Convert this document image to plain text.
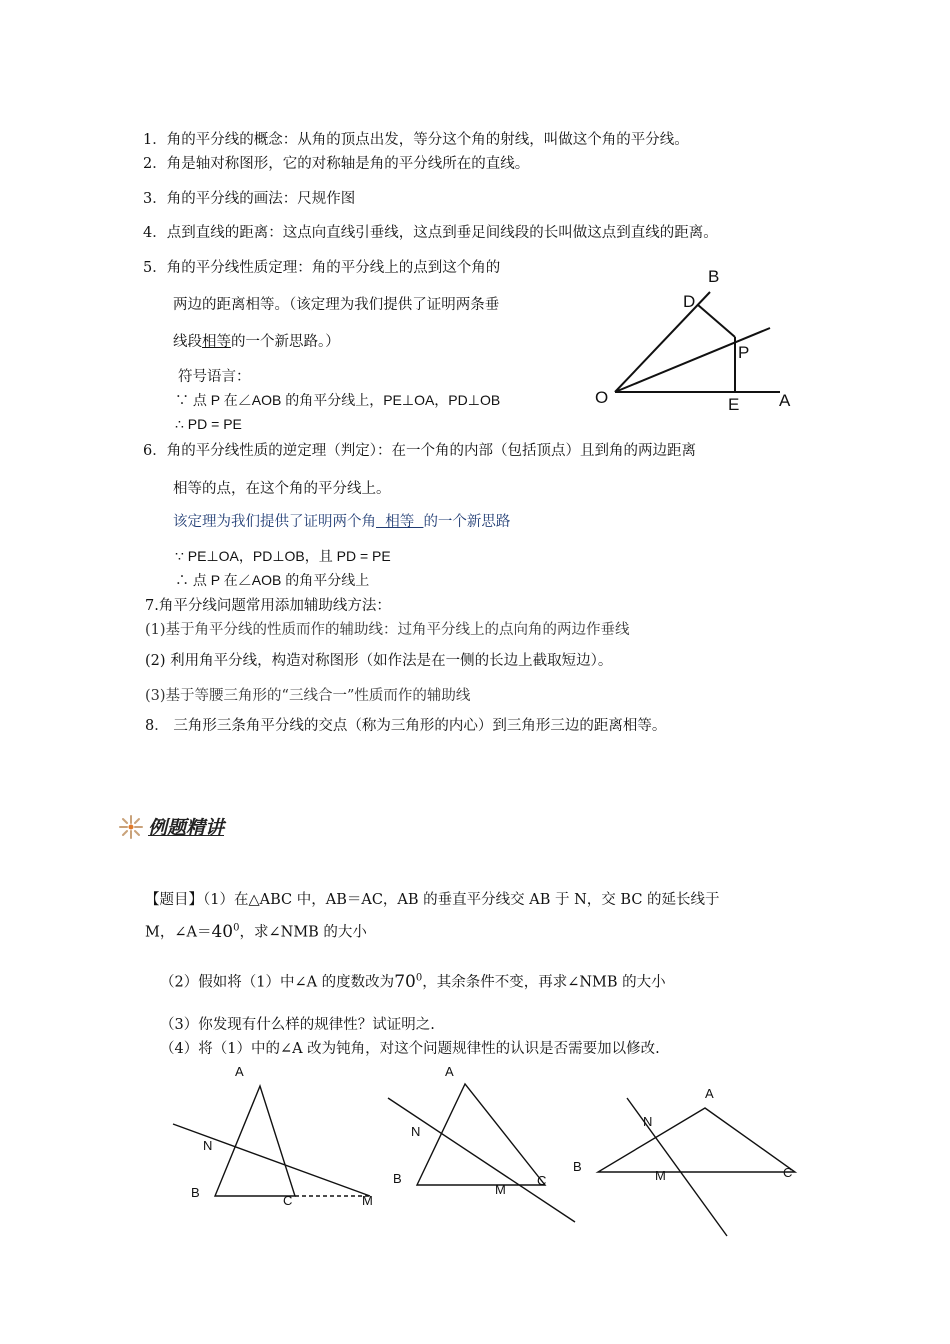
1．角的平分线的概念：从角的顶点出发，等分这个角的射线，叫做这个角的平分线。
2．角是轴对称图形，它的对称轴是角的平分线所在的直线。
3．角的平分线的画法：尺规作图
4．点到直线的距离：这点向直线引垂线，这点到垂足间线段的长叫做这点到直线的距离。
5．角的平分线性质定理：角的平分线上的点到这个角的
两边的距离相等。（该定理为我们提供了证明两条垂
线段相等的一个新思路。）
符号语言：
∵ 点 P 在∠AOB 的角平分线上，PE⊥OA，PD⊥OB
∴ PD = PE
B
D
P
O	E A
6．角的平分线性质的逆定理（判定）：在一个角的内部（包括顶点）且到角的两边距离
相等的点，在这个角的平分线上。
该定理为我们提供了证明两个角  相等  的一个新思路
∵ PE⊥OA，PD⊥OB，且 PD = PE
∴ 点 P 在∠AOB 的角平分线上
7.角平分线问题常用添加辅助线方法：
(1)基于角平分线的性质而作的辅助线：过角平分线上的点向角的两边作垂线
(2) 利用角平分线，构造对称图形（如作法是在一侧的长边上截取短边）。
(3)基于等腰三角形的“三线合一”性质而作的辅助线
8． 三角形三条角平分线的交点（称为三角形的内心）到三角形三边的距离相等。
例题精讲
【题目】（1）在△ABC 中，AB＝AC，AB 的垂直平分线交 AB 于 N，交 BC 的延长线于
M，$\angle A=40^0$，求∠NMB 的大小
（2）假如将（1）中∠A 的度数改为$70^0$，其余条件不变，再求∠NMB 的大小
（3）你发现有什么样的规律性？试证明之.
（4）将（1）中的∠A 改为钝角，对这个问题规律性的认识是否需要加以修改.
A
N
B
C	M
A
N
B	C
M
A
N
B
M	C
